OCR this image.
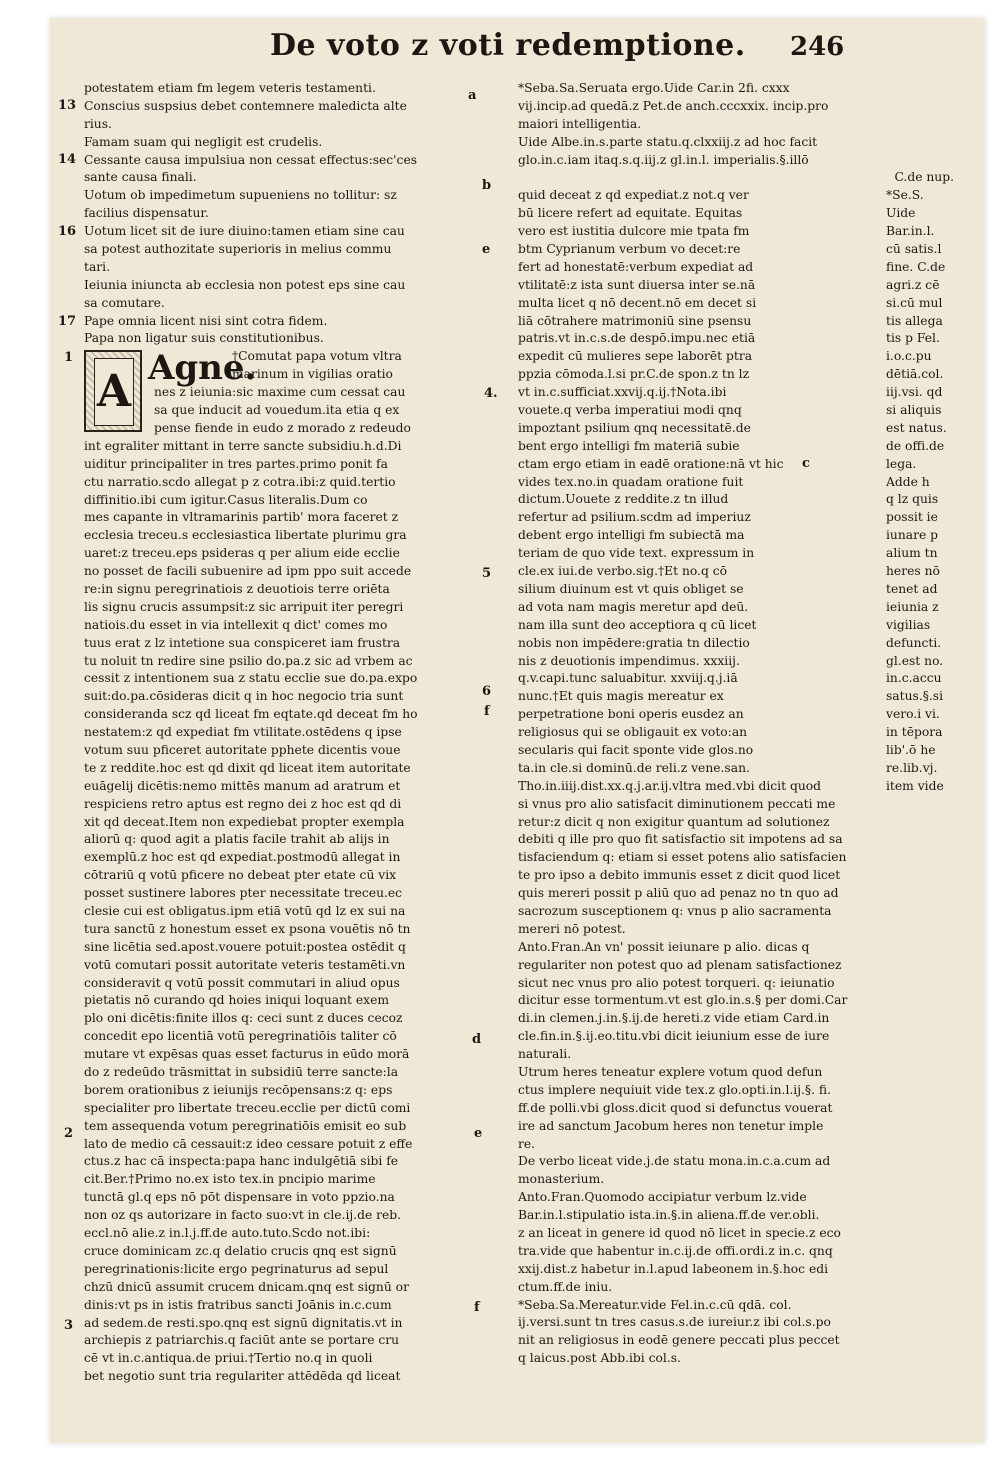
De voto z voti redemptione. 246
potestatem etiam fm legem veteris testamenti.
Conscius suspsius debet contemnere maledicta alte
rius.
Famam suam qui negligit est crudelis.
Cessante causa impulsiua non cessat effectus:sec'ces
sante causa finali.
Uotum ob impedimetum supueniens no tollitur: sz
facilius dispensatur.
Uotum licet sit de iure diuino:tamen etiam sine cau
sa potest authozitate superioris in melius commu
tari.
Ieiunia iniuncta ab ecclesia non potest eps sine cau
sa comutare.
Pape omnia licent nisi sint cotra fidem.
Papa non ligatur suis constitutionibus.
A Agne.
†Comutat papa votum vltra
marinum in vigilias oratio
nes z ieiunia:sic maxime cum cessat cau
sa que inducit ad vouedum.ita etia q ex
pense fiende in eudo z morado z redeudo
int egraliter mittant in terre sancte subsidiu.h.d.Di
uiditur principaliter in tres partes.primo ponit fa
ctu narratio.scdo allegat p z cotra.ibi:z quid.tertio
diffinitio.ibi cum igitur.Casus literalis.Dum co
mes capante in vltramarinis partib' mora faceret z
ecclesia treceu.s ecclesiastica libertate plurimu gra
uaret:z treceu.eps psideras q per alium eide ecclie
no posset de facili subuenire ad ipm ppo suit accede
re:in signu peregrinatiois z deuotiois terre oriēta
lis signu crucis assumpsit:z sic arripuit iter peregri
natiois.du esset in via intellexit q dict' comes mo
tuus erat z lz intetione sua conspiceret iam frustra
tu noluit tn redire sine psilio do.pa.z sic ad vrbem ac
cessit z intentionem sua z statu ecclie sue do.pa.expo
suit:do.pa.cōsideras dicit q in hoc negocio tria sunt
consideranda scz qd liceat fm eqtate.qd deceat fm ho
nestatem:z qd expediat fm vtilitate.ostēdens q ipse
votum suu pficeret autoritate pphete dicentis voue
te z reddite.hoc est qd dixit qd liceat item autoritate
euāgelij dicētis:nemo mittēs manum ad aratrum et
respiciens retro aptus est regno dei z hoc est qd di
xit qd deceat.Item non expediebat propter exempla
aliorū q: quod agit a platis facile trahit ab alijs in
exemplū.z hoc est qd expediat.postmodū allegat in
cōtrariū q votū pficere no debeat pter etate cū vix
posset sustinere labores pter necessitate treceu.ec
clesie cui est obligatus.ipm etiā votū qd lz ex sui na
tura sanctū z honestum esset ex psona vouētis nō tn
sine licētia sed.apost.vouere potuit:postea ostēdit q
votū comutari possit autoritate veteris testamēti.vn
consideravit q votū possit commutari in aliud opus
pietatis nō curando qd hoies iniqui loquant exem
plo oni dicētis:finite illos q: ceci sunt z duces cecoz
concedit epo licentiā votū peregrinatiōis taliter cō
mutare vt expēsas quas esset facturus in eūdo morā
do z redeūdo trāsmittat in subsidiū terre sancte:la
borem orationibus z ieiunijs recōpensans:z q: eps
specialiter pro libertate treceu.ecclie per dictū comi
tem assequenda votum peregrinatiōis emisit eo sub
lato de medio cā cessauit:z ideo cessare potuit z effe
ctus.z hac cā inspecta:papa hanc indulgētiā sibi fe
cit.Ber.†Primo no.ex isto tex.in pncipio marime
tunctā gl.q eps nō pōt dispensare in voto ppzio.na
non oz qs autorizare in facto suo:vt in cle.ij.de reb.
eccl.nō alie.z in.l.j.ff.de auto.tuto.Scdo not.ibi:
cruce dominicam zc.q delatio crucis qnq est signū
peregrinationis:licite ergo pegrinaturus ad sepul
chzū dnicū assumit crucem dnicam.qnq est signū or
dinis:vt ps in istis fratribus sancti Joānis in.c.cum
ad sedem.de resti.spo.qnq est signū dignitatis.vt in
archiepis z patriarchis.q faciūt ante se portare cru
cē vt in.c.antiqua.de priui.†Tertio no.q in quoli
bet negotio sunt tria regulariter attēdēda qd liceat
*Seba.Sa.Seruata ergo.Uide Car.in 2fi. cxxx
vij.incip.ad quedā.z Pet.de anch.cccxxix. incip.pro
maiori intelligentia.
Uide Albe.in.s.parte statu.q.clxxiij.z ad hoc facit
glo.in.c.iam itaq.s.q.iij.z gl.in.l. imperialis.§.illō
C.de nup.
quid deceat z qd expediat.z not.q ver
bū licere refert ad equitate. Equitas
vero est iustitia dulcore mie tpata fm
btm Cyprianum verbum vo decet:re
fert ad honestatē:verbum expediat ad
vtilitatē:z ista sunt diuersa inter se.nā
multa licet q nō decent.nō em decet si
liā cōtrahere matrimoniū sine psensu
patris.vt in.c.s.de despō.impu.nec etiā
expedit cū mulieres sepe laborēt ptra
ppzia cōmoda.l.si pr.C.de spon.z tn lz
vt in.c.sufficiat.xxvij.q.ij.†Nota.ibi
vouete.q verba imperatiui modi qnq
impoztant psilium qnq necessitatē.de
bent ergo intelligi fm materiā subie
ctam ergo etiam in eadē oratione:nā vt hic
vides tex.no.in quadam oratione fuit
dictum.Uouete z reddite.z tn illud
refertur ad psilium.scdm ad imperiuz
debent ergo intelligi fm subiectā ma
teriam de quo vide text. expressum in
cle.ex iui.de verbo.sig.†Et no.q cō
silium diuinum est vt quis obliget se
ad vota nam magis meretur apd deū.
nam illa sunt deo acceptiora q cū licet
nobis non impēdere:gratia tn dilectio
nis z deuotionis impendimus. xxxiij.
q.v.capi.tunc saluabitur. xxviij.q.j.iā
nunc.†Et quis magis mereatur ex
perpetratione boni operis eusdez an
religiosus qui se obligauit ex voto:an
secularis qui facit sponte vide glos.no
ta.in cle.si dominū.de reli.z vene.san.
*Se.S.
Uide
Bar.in.l.
cū satis.l
fine. C.de
agri.z cē
si.cū mul
tis allega
tis p Fel.
i.o.c.pu
dētiā.col.
iij.vsi. qd
si aliquis
est natus.
de offi.de
lega.
Adde h
q lz quis
possit ie
iunare p
alium tn
heres nō
tenet ad
ieiunia z
vigilias
defuncti.
gl.est no.
in.c.accu
satus.§.si
vero.i vi.
in tēpora
lib'.ō he
re.lib.vj.
item vide
Tho.in.iiij.dist.xx.q.j.ar.ij.vltra med.vbi dicit quod
si vnus pro alio satisfacit diminutionem peccati me
retur:z dicit q non exigitur quantum ad solutionez
debiti q ille pro quo fit satisfactio sit impotens ad sa
tisfaciendum q: etiam si esset potens alio satisfacien
te pro ipso a debito immunis esset z dicit quod licet
quis mereri possit p aliū quo ad penaz no tn quo ad
sacrozum susceptionem q: vnus p alio sacramenta
mereri nō potest.
Anto.Fran.An vn' possit ieiunare p alio. dicas q
regulariter non potest quo ad plenam satisfactionez
sicut nec vnus pro alio potest torqueri. q: ieiunatio
dicitur esse tormentum.vt est glo.in.s.§ per domi.Car
di.in clemen.j.in.§.ij.de hereti.z vide etiam Card.in
cle.fin.in.§.ij.eo.titu.vbi dicit ieiunium esse de iure
naturali.
Utrum heres teneatur explere votum quod defun
ctus implere nequiuit vide tex.z glo.opti.in.l.ij.§. fi.
ff.de polli.vbi gloss.dicit quod si defunctus vouerat
ire ad sanctum Jacobum heres non tenetur imple
re.
De verbo liceat vide.j.de statu mona.in.c.a.cum ad
monasterium.
Anto.Fran.Quomodo accipiatur verbum lz.vide
Bar.in.l.stipulatio ista.in.§.in aliena.ff.de ver.obli.
z an liceat in genere id quod nō licet in specie.z eco
tra.vide que habentur in.c.ij.de offi.ordi.z in.c. qnq
xxij.dist.z habetur in.l.apud labeonem in.§.hoc edi
ctum.ff.de iniu.
*Seba.Sa.Mereatur.vide Fel.in.c.cū qdā. col.
ij.versi.sunt tn tres casus.s.de iureiur.z ibi col.s.po
nit an religiosus in eodē genere peccati plus peccet
q laicus.post Abb.ibi col.s.
a
b
e
c
f
d
e
f
13
14
16
17
1
2
3
4.
5
6
